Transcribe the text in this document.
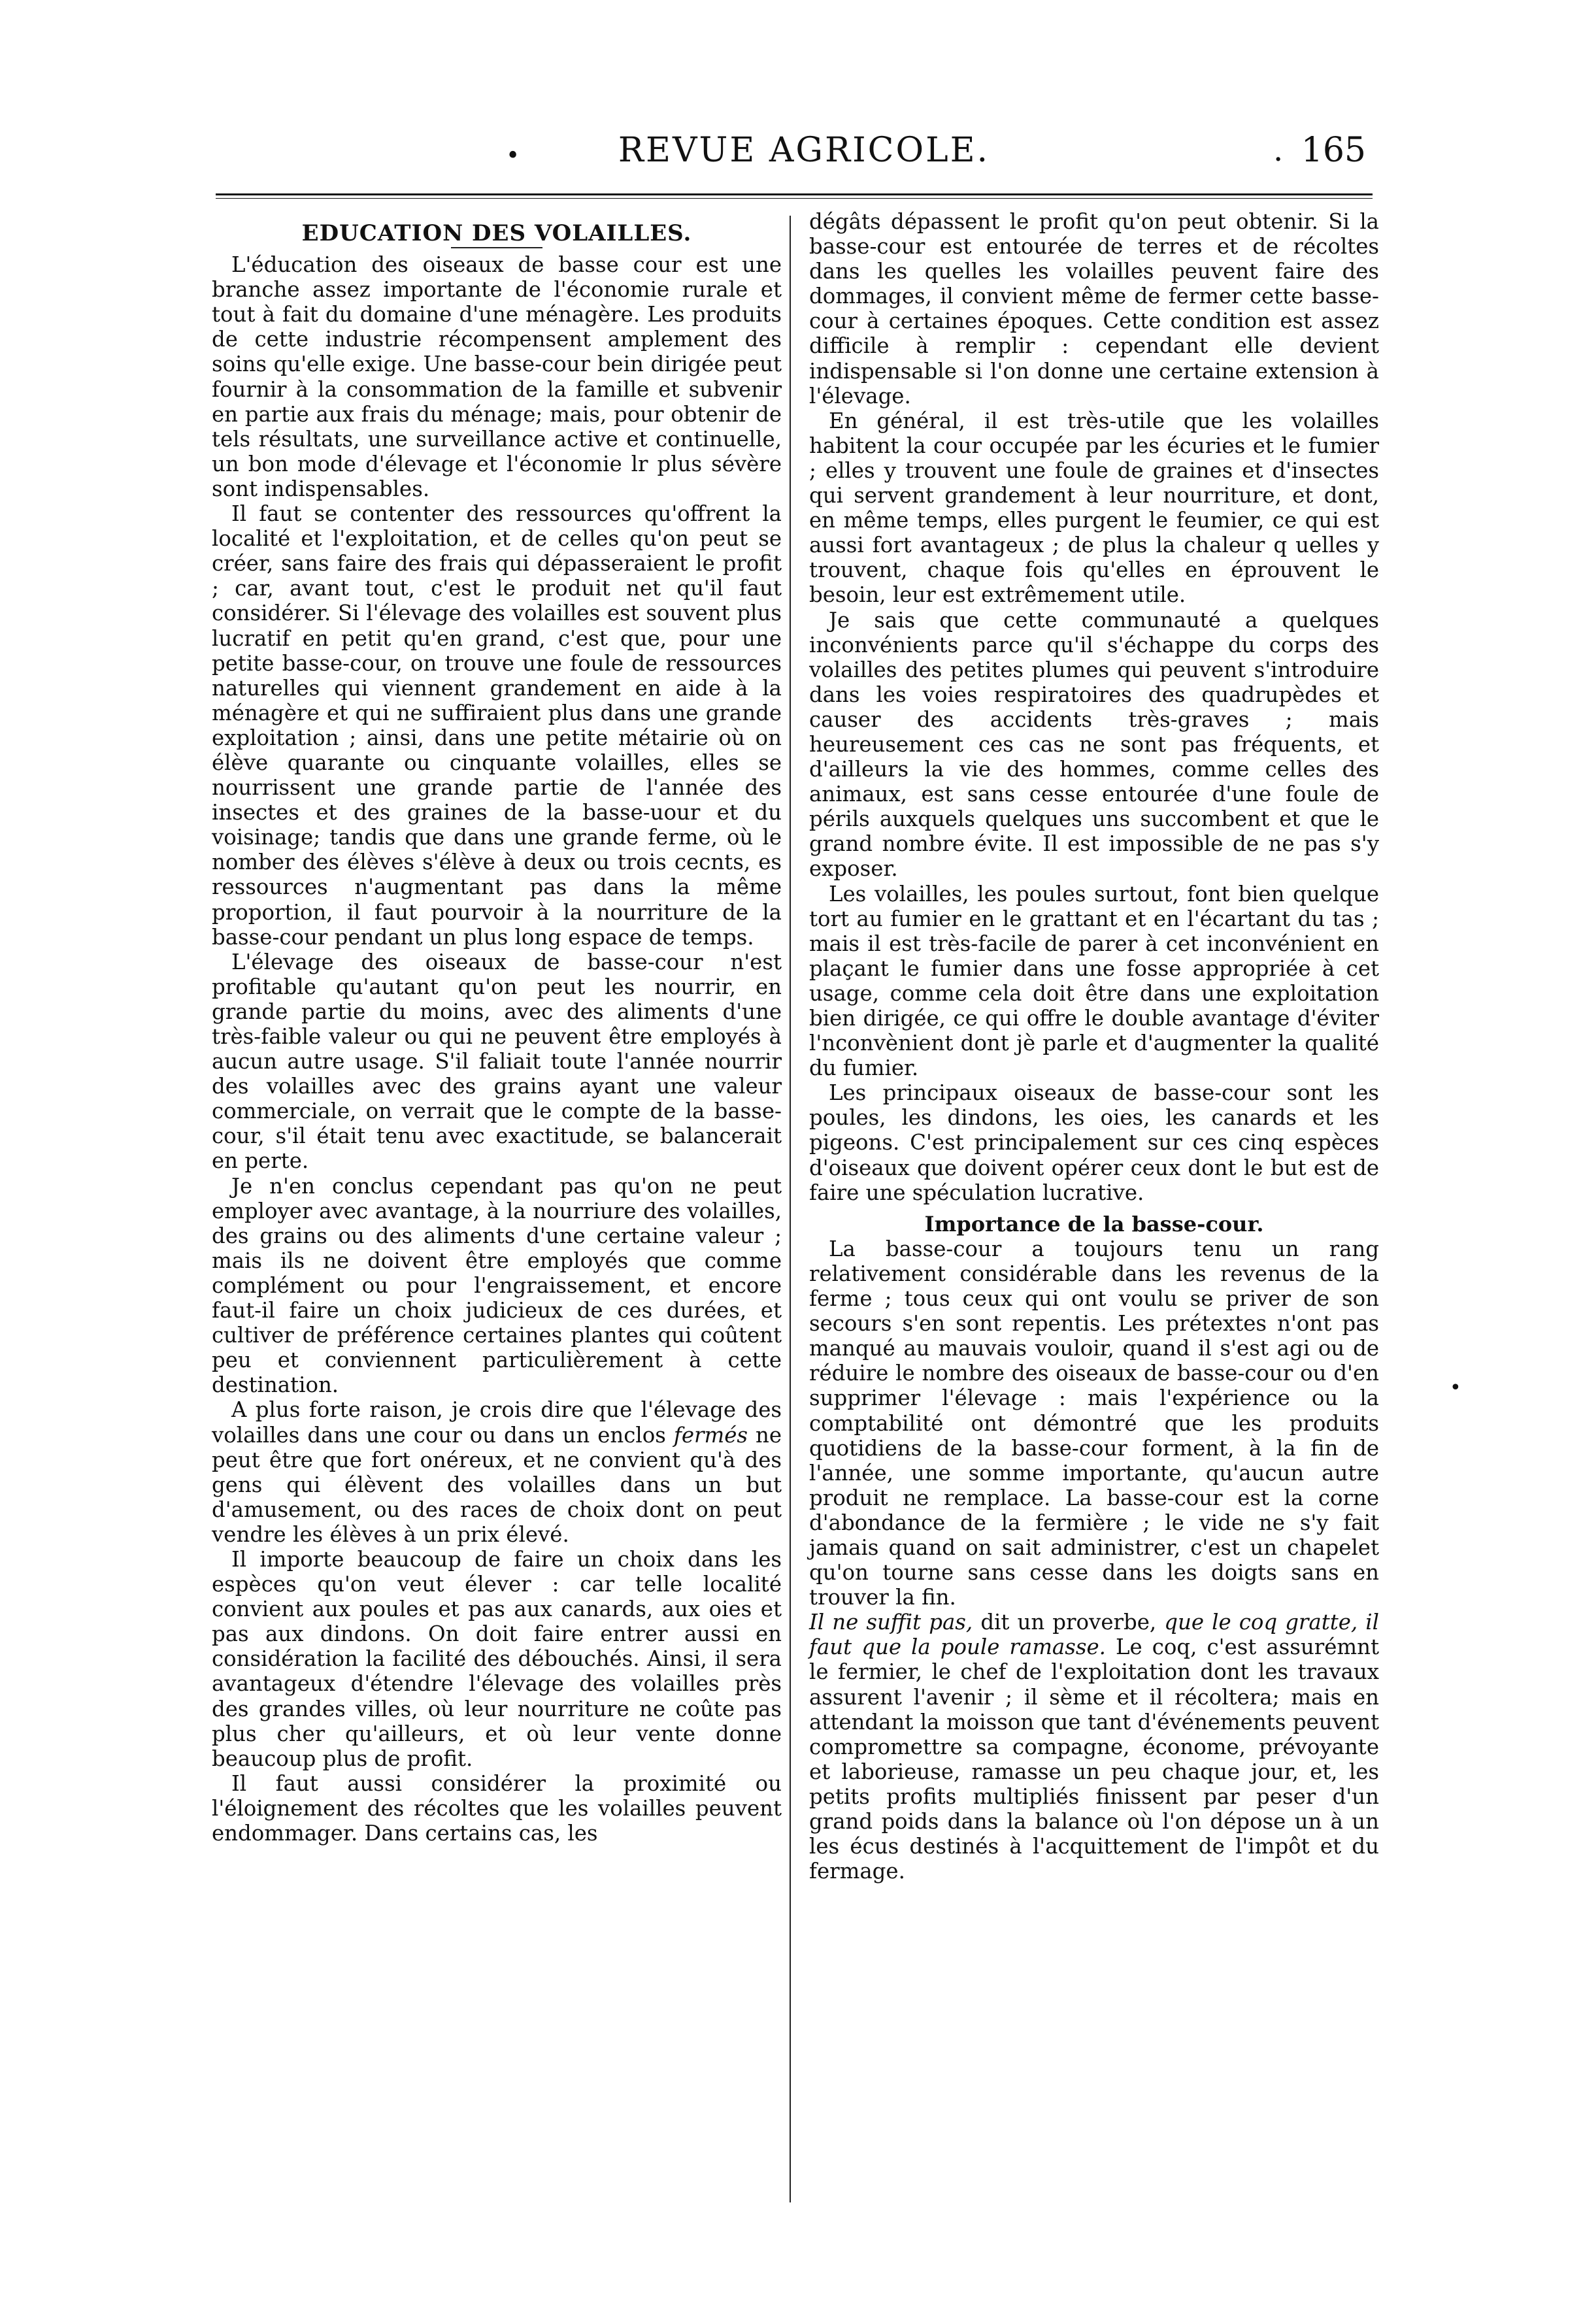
•	REVUE AGRICOLE.	. 165
EDUCATION DES VOLAILLES.

L'éducation des oiseaux de basse cour est une branche assez importante de l'économie rurale et tout à fait du domaine d'une ménagère. Les produits de cette industrie récompensent amplement des soins qu'elle exige. Une basse-cour bein dirigée peut fournir à la consommation de la famille et subvenir en partie aux frais du ménage; mais, pour obtenir de tels résultats, une surveillance active et continuelle, un bon mode d'élevage et l'économie lr plus sévère sont indispensables.

Il faut se contenter des ressources qu'offrent la localité et l'exploitation, et de celles qu'on peut se créer, sans faire des frais qui dépasseraient le profit ; car, avant tout, c'est le produit net qu'il faut considérer. Si l'élevage des volailles est souvent plus lucratif en petit qu'en grand, c'est que, pour une petite basse-cour, on trouve une foule de ressources naturelles qui viennent grandement en aide à la ménagère et qui ne suffiraient plus dans une grande exploitation ; ainsi, dans une petite métairie où on élève quarante ou cinquante volailles, elles se nourrissent une grande partie de l'année des insectes et des graines de la basse-uour et du voisinage; tandis que dans une grande ferme, où le nomber des élèves s'élève à deux ou trois cecnts, es ressources n'augmentant pas dans la même proportion, il faut pourvoir à la nourriture de la basse-cour pendant un plus long espace de temps.

L'élevage des oiseaux de basse-cour n'est profitable qu'autant qu'on peut les nourrir, en grande partie du moins, avec des aliments d'une très-faible valeur ou qui ne peuvent être employés à aucun autre usage. S'il faliait toute l'année nourrir des volailles avec des grains ayant une valeur commerciale, on verrait que le compte de la basse-cour, s'il était tenu avec exactitude, se balancerait en perte.

Je n'en conclus cependant pas qu'on ne peut employer avec avantage, à la nourriure des volailles, des grains ou des aliments d'une certaine valeur ; mais ils ne doivent être employés que comme complément ou pour l'engraissement, et encore faut-il faire un choix judicieux de ces durées, et cultiver de préférence certaines plantes qui coûtent peu et conviennent particulièrement à cette destination.

A plus forte raison, je crois dire que l'élevage des volailles dans une cour ou dans un enclos fermés ne peut être que fort onéreux, et ne convient qu'à des gens qui élèvent des volailles dans un but d'amusement, ou des races de choix dont on peut vendre les élèves à un prix élevé.

Il importe beaucoup de faire un choix dans les espèces qu'on veut élever : car telle localité convient aux poules et pas aux canards, aux oies et pas aux dindons. On doit faire entrer aussi en considération la facilité des débouchés. Ainsi, il sera avantageux d'étendre l'élevage des volailles près des grandes villes, où leur nourriture ne coûte pas plus cher qu'ailleurs, et où leur vente donne beaucoup plus de profit.

Il faut aussi considérer la proximité ou l'éloignement des récoltes que les volailles peuvent endommager. Dans certains cas, les

dégâts dépassent le profit qu'on peut obtenir. Si la basse-cour est entourée de terres et de récoltes dans les quelles les volailles peuvent faire des dommages, il convient même de fermer cette basse-cour à certaines époques. Cette condition est assez difficile à remplir : cependant elle devient indispensable si l'on donne une certaine extension à l'élevage.

En général, il est très-utile que les volailles habitent la cour occupée par les écuries et le fumier ; elles y trouvent une foule de graines et d'insectes qui servent grandement à leur nourriture, et dont, en même temps, elles purgent le feumier, ce qui est aussi fort avantageux ; de plus la chaleur q uelles y trouvent, chaque fois qu'elles en éprouvent le besoin, leur est extrêmement utile.

Je sais que cette communauté a quelques inconvénients parce qu'il s'échappe du corps des volailles des petites plumes qui peuvent s'introduire dans les voies respiratoires des quadrupèdes et causer des accidents très-graves ; mais heureusement ces cas ne sont pas fréquents, et d'ailleurs la vie des hommes, comme celles des animaux, est sans cesse entourée d'une foule de périls auxquels quelques uns succombent et que le grand nombre évite. Il est impossible de ne pas s'y exposer.

Les volailles, les poules surtout, font bien quelque tort au fumier en le grattant et en l'écartant du tas ; mais il est très-facile de parer à cet inconvénient en plaçant le fumier dans une fosse appropriée à cet usage, comme cela doit être dans une exploitation bien dirigée, ce qui offre le double avantage d'éviter l'nconvènient dont jè parle et d'augmenter la qualité du fumier.

Les principaux oiseaux de basse-cour sont les poules, les dindons, les oies, les canards et les pigeons. C'est principalement sur ces cinq espèces d'oiseaux que doivent opérer ceux dont le but est de faire une spéculation lucrative.

Importance de la basse-cour.

La basse-cour a toujours tenu un rang relativement considérable dans les revenus de la ferme ; tous ceux qui ont voulu se priver de son secours s'en sont repentis. Les prétextes n'ont pas manqué au mauvais vouloir, quand il s'est agi ou de réduire le nombre des oiseaux de basse-cour ou d'en supprimer l'élevage : mais l'expérience ou la comptabilité ont démontré que les produits quotidiens de la basse-cour forment, à la fin de l'année, une somme importante, qu'aucun autre produit ne remplace. La basse-cour est la corne d'abondance de la fermière ; le vide ne s'y fait jamais quand on sait administrer, c'est un chapelet qu'on tourne sans cesse dans les doigts sans en trouver la fin.

Il ne suffit pas, dit un proverbe, que le coq gratte, il faut que la poule ramasse. Le coq, c'est assurémnt le fermier, le chef de l'exploitation dont les travaux assurent l'avenir ; il sème et il récoltera; mais en attendant la moisson que tant d'événements peuvent compromettre sa compagne, économe, prévoyante et laborieuse, ramasse un peu chaque jour, et, les petits profits multipliés finissent par peser d'un grand poids dans la balance où l'on dépose un à un les écus destinés à l'acquittement de l'impôt et du fermage.

•
